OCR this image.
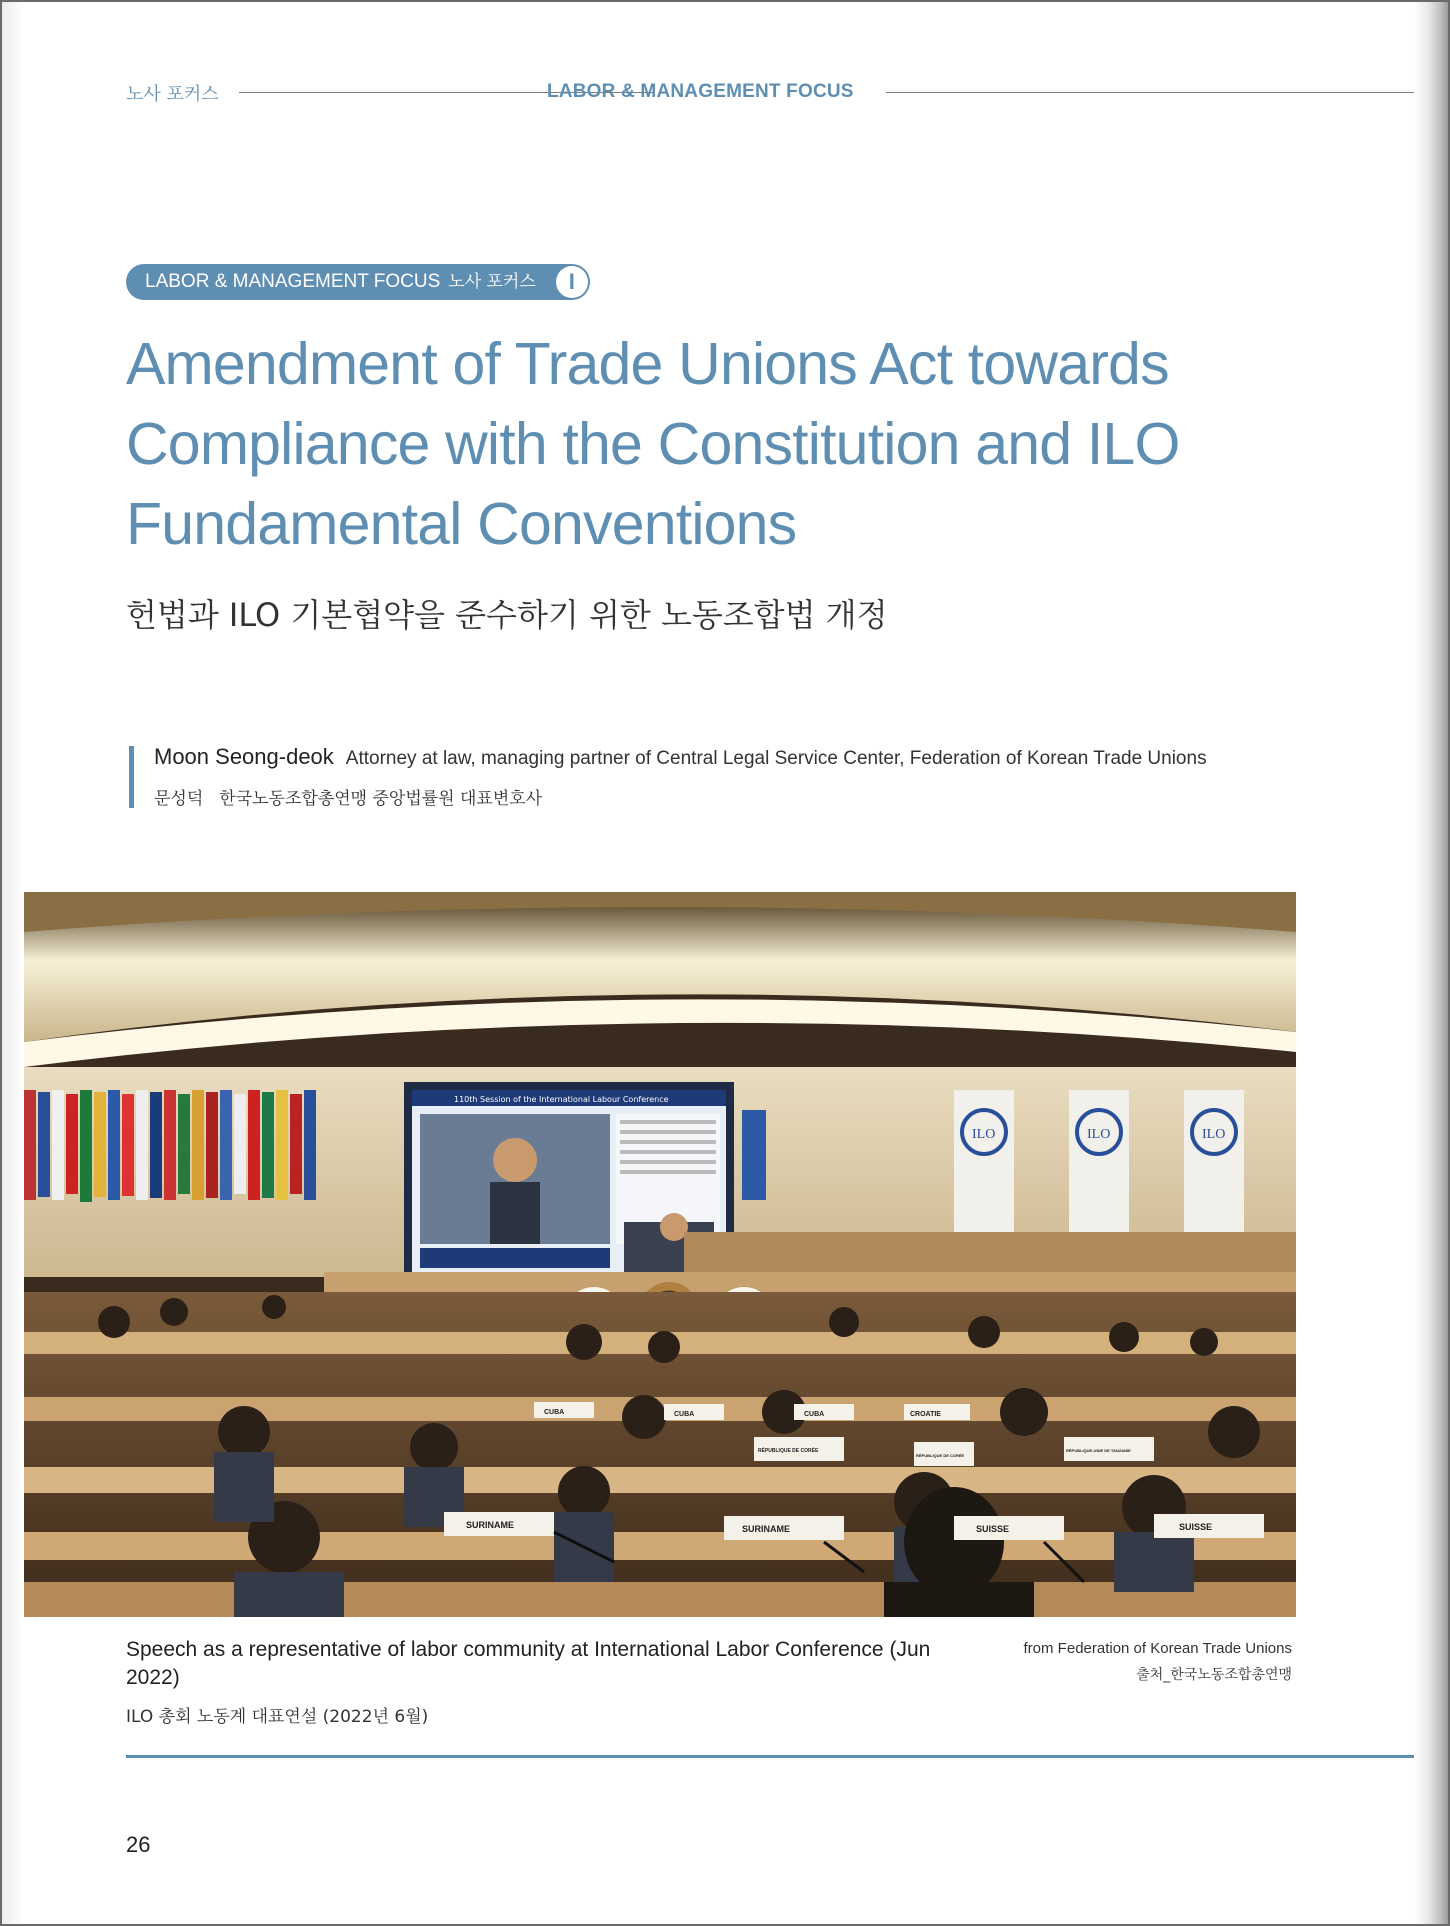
노사 포커스	LABOR & MANAGEMENT FOCUS
LABOR & MANAGEMENT FOCUS 노사 포커스	I
Amendment of Trade Unions Act towards Compliance with the Constitution and ILO Fundamental Conventions
헌법과 ILO 기본협약을 준수하기 위한 노동조합법 개정
Moon Seong-deok Attorney at law, managing partner of Central Legal Service Center, Federation of Korean Trade Unions
문성덕 한국노동조합총연맹 중앙법률원 대표변호사
110th Session of the International Labour Conference
ILO	ILO	ILO
SURINAME	SURINAME	SUISSE	SUISSE
CUBA	CUBA	CUBA	CROATIE
RÉPUBLIQUE DE CORÉE
RÉPUBLIQUE DE CORÉE
RÉPUBLIQUE-UNIE DE TANZANIE
Speech as a representative of labor community at International Labor Conference (Jun 2022)
ILO 총회 노동계 대표연설 (2022년 6월)
from Federation of Korean Trade Unions
출처_한국노동조합총연맹
26
